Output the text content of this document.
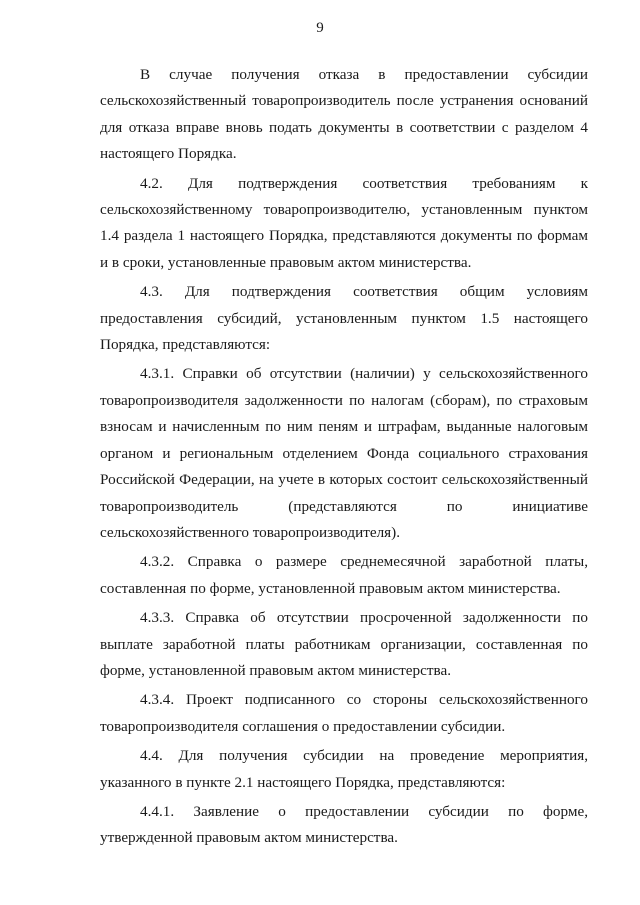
9

В случае получения отказа в предоставлении субсидии сельскохозяйственный товаропроизводитель после устранения оснований для отказа вправе вновь подать документы в соответствии с разделом 4 настоящего Порядка.

4.2. Для подтверждения соответствия требованиям к сельскохозяйственному товаропроизводителю, установленным пунктом 1.4 раздела 1 настоящего Порядка, представляются документы по формам и в сроки, установленные правовым актом министерства.

4.3. Для подтверждения соответствия общим условиям предоставления субсидий, установленным пунктом 1.5 настоящего Порядка, представляются:

4.3.1. Справки об отсутствии (наличии) у сельскохозяйственного товаропроизводителя задолженности по налогам (сборам), по страховым взносам и начисленным по ним пеням и штрафам, выданные налоговым органом и региональным отделением Фонда социального страхования Российской Федерации, на учете в которых состоит сельскохозяйственный товаропроизводитель (представляются по инициативе сельскохозяйственного товаропроизводителя).

4.3.2. Справка о размере среднемесячной заработной платы, составленная по форме, установленной правовым актом министерства.

4.3.3. Справка об отсутствии просроченной задолженности по выплате заработной платы работникам организации, составленная по форме, установленной правовым актом министерства.

4.3.4. Проект подписанного со стороны сельскохозяйственного товаропроизводителя соглашения о предоставлении субсидии.

4.4. Для получения субсидии на проведение мероприятия, указанного в пункте 2.1 настоящего Порядка, представляются:

4.4.1. Заявление о предоставлении субсидии по форме, утвержденной правовым актом министерства.
